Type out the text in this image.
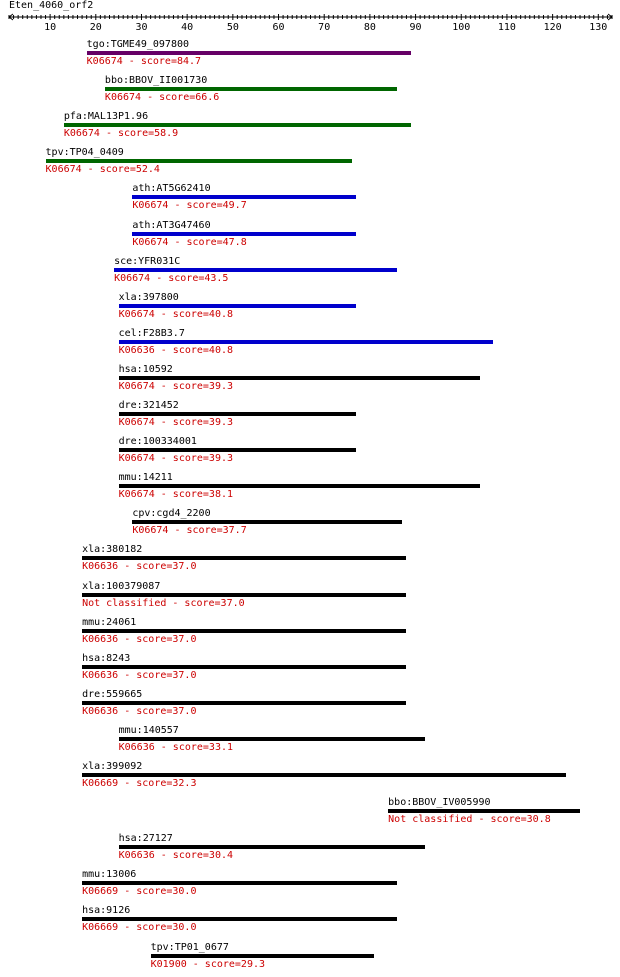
Eten_4060_orf2
10	20	30	40	50	60	70	80	90	100	110	120	130
tgo:TGME49_097800
K06674 - score=84.7
bbo:BBOV_II001730
K06674 - score=66.6
pfa:MAL13P1.96
K06674 - score=58.9
tpv:TP04_0409
K06674 - score=52.4
ath:AT5G62410
K06674 - score=49.7
ath:AT3G47460
K06674 - score=47.8
sce:YFR031C
K06674 - score=43.5
xla:397800
K06674 - score=40.8
cel:F28B3.7
K06636 - score=40.8
hsa:10592
K06674 - score=39.3
dre:321452
K06674 - score=39.3
dre:100334001
K06674 - score=39.3
mmu:14211
K06674 - score=38.1
cpv:cgd4_2200
K06674 - score=37.7
xla:380182
K06636 - score=37.0
xla:100379087
Not classified - score=37.0
mmu:24061
K06636 - score=37.0
hsa:8243
K06636 - score=37.0
dre:559665
K06636 - score=37.0
mmu:140557
K06636 - score=33.1
xla:399092
K06669 - score=32.3
bbo:BBOV_IV005990
Not classified - score=30.8
hsa:27127
K06636 - score=30.4
mmu:13006
K06669 - score=30.0
hsa:9126
K06669 - score=30.0
tpv:TP01_0677
K01900 - score=29.3
